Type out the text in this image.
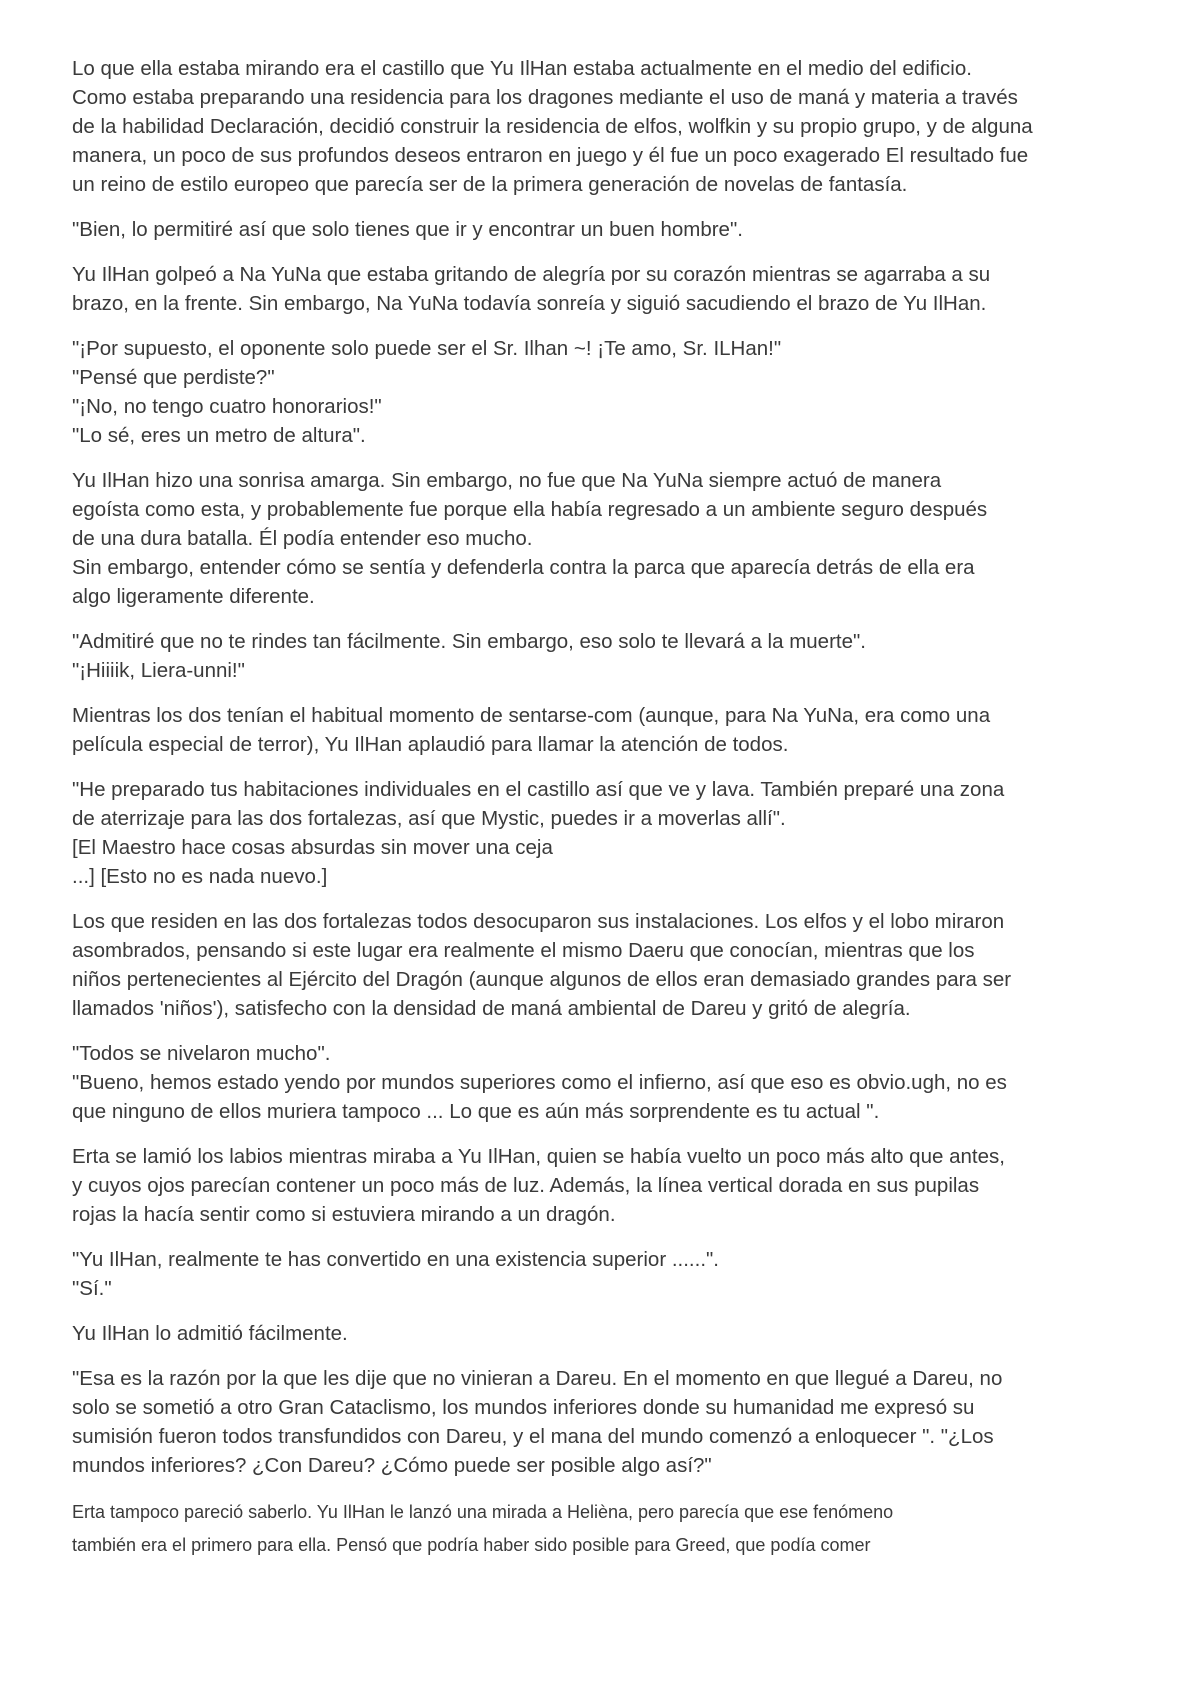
Lo que ella estaba mirando era el castillo que Yu IlHan estaba actualmente en el medio del edificio.
Como estaba preparando una residencia para los dragones mediante el uso de maná y materia a través
de la habilidad Declaración, decidió construir la residencia de elfos, wolfkin y su propio grupo, y de alguna
manera, un poco de sus profundos deseos entraron en juego y él fue un poco exagerado El resultado fue
un reino de estilo europeo que parecía ser de la primera generación de novelas de fantasía.

"Bien, lo permitiré así que solo tienes que ir y encontrar un buen hombre".

Yu IlHan golpeó a Na YuNa que estaba gritando de alegría por su corazón mientras se agarraba a su
brazo, en la frente. Sin embargo, Na YuNa todavía sonreía y siguió sacudiendo el brazo de Yu IlHan.

"¡Por supuesto, el oponente solo puede ser el Sr. Ilhan ~! ¡Te amo, Sr. ILHan!"
"Pensé que perdiste?"
"¡No, no tengo cuatro honorarios!"
"Lo sé, eres un metro de altura".

Yu IlHan hizo una sonrisa amarga. Sin embargo, no fue que Na YuNa siempre actuó de manera
egoísta como esta, y probablemente fue porque ella había regresado a un ambiente seguro después
de una dura batalla. Él podía entender eso mucho.
Sin embargo, entender cómo se sentía y defenderla contra la parca que aparecía detrás de ella era
algo ligeramente diferente.

"Admitiré que no te rindes tan fácilmente. Sin embargo, eso solo te llevará a la muerte".
"¡Hiiiik, Liera-unni!"

Mientras los dos tenían el habitual momento de sentarse-com (aunque, para Na YuNa, era como una
película especial de terror), Yu IlHan aplaudió para llamar la atención de todos.

"He preparado tus habitaciones individuales en el castillo así que ve y lava. También preparé una zona
de aterrizaje para las dos fortalezas, así que Mystic, puedes ir a moverlas allí".
[El Maestro hace cosas absurdas sin mover una ceja
...] [Esto no es nada nuevo.]

Los que residen en las dos fortalezas todos desocuparon sus instalaciones. Los elfos y el lobo miraron
asombrados, pensando si este lugar era realmente el mismo Daeru que conocían, mientras que los
niños pertenecientes al Ejército del Dragón (aunque algunos de ellos eran demasiado grandes para ser
llamados 'niños'), satisfecho con la densidad de maná ambiental de Dareu y gritó de alegría.

"Todos se nivelaron mucho".
"Bueno, hemos estado yendo por mundos superiores como el infierno, así que eso es obvio.ugh, no es
que ninguno de ellos muriera tampoco ... Lo que es aún más sorprendente es tu actual ".

Erta se lamió los labios mientras miraba a Yu IlHan, quien se había vuelto un poco más alto que antes,
y cuyos ojos parecían contener un poco más de luz. Además, la línea vertical dorada en sus pupilas
rojas la hacía sentir como si estuviera mirando a un dragón.

"Yu IlHan, realmente te has convertido en una existencia superior ......".
"Sí."

Yu IlHan lo admitió fácilmente.

"Esa es la razón por la que les dije que no vinieran a Dareu. En el momento en que llegué a Dareu, no
solo se sometió a otro Gran Cataclismo, los mundos inferiores donde su humanidad me expresó su
sumisión fueron todos transfundidos con Dareu, y el mana del mundo comenzó a enloquecer ". "¿Los
mundos inferiores? ¿Con Dareu? ¿Cómo puede ser posible algo así?"

Erta tampoco pareció saberlo. Yu IlHan le lanzó una mirada a Helièna, pero parecía que ese fenómeno
también era el primero para ella. Pensó que podría haber sido posible para Greed, que podía comer
